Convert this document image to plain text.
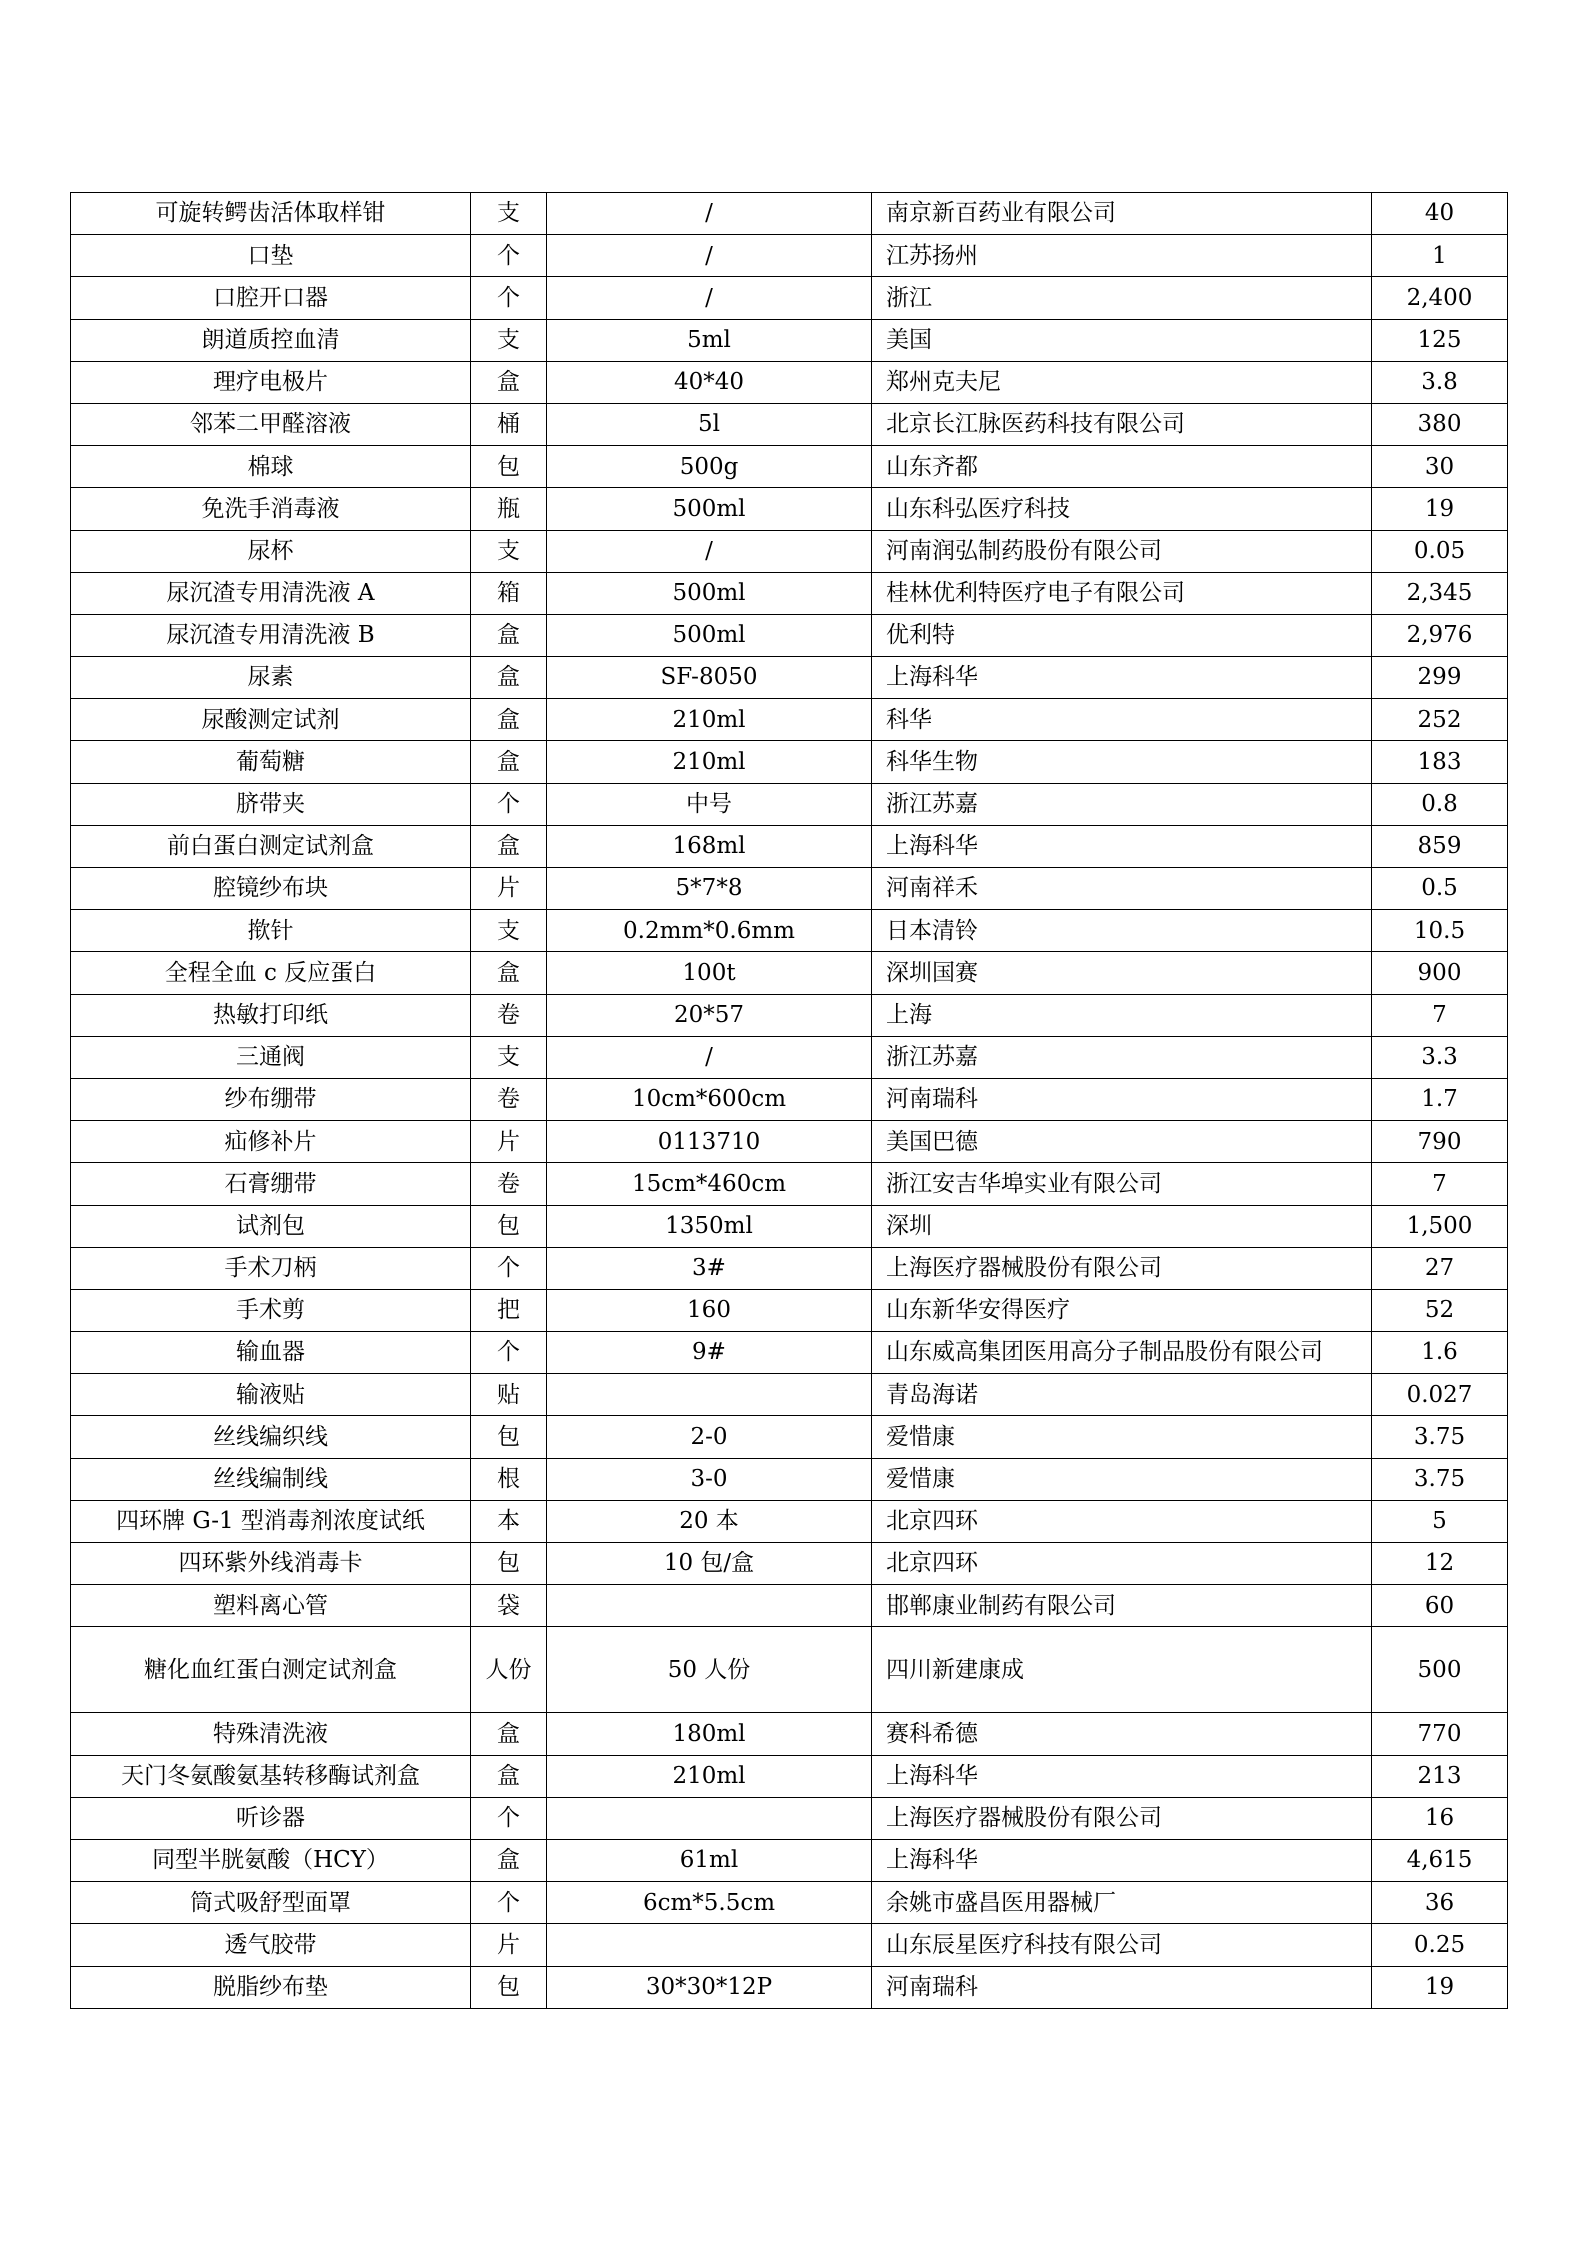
可旋转鳄齿活体取样钳	支	/	南京新百药业有限公司	40
口垫	个	/	江苏扬州	1
口腔开口器	个	/	浙江	2,400
朗道质控血清	支	5ml	美国	125
理疗电极片	盒	40*40	郑州克夫尼	3.8
邻苯二甲醛溶液	桶	5l	北京长江脉医药科技有限公司	380
棉球	包	500g	山东齐都	30
免洗手消毒液	瓶	500ml	山东科弘医疗科技	19
尿杯	支	/	河南润弘制药股份有限公司	0.05
尿沉渣专用清洗液 A	箱	500ml	桂林优利特医疗电子有限公司	2,345
尿沉渣专用清洗液 B	盒	500ml	优利特	2,976
尿素	盒	SF-8050	上海科华	299
尿酸测定试剂	盒	210ml	科华	252
葡萄糖	盒	210ml	科华生物	183
脐带夹	个	中号	浙江苏嘉	0.8
前白蛋白测定试剂盒	盒	168ml	上海科华	859
腔镜纱布块	片	5*7*8	河南祥禾	0.5
揿针	支	0.2mm*0.6mm	日本清铃	10.5
全程全血 c 反应蛋白	盒	100t	深圳国赛	900
热敏打印纸	卷	20*57	上海	7
三通阀	支	/	浙江苏嘉	3.3
纱布绷带	卷	10cm*600cm	河南瑞科	1.7
疝修补片	片	0113710	美国巴德	790
石膏绷带	卷	15cm*460cm	浙江安吉华埠实业有限公司	7
试剂包	包	1350ml	深圳	1,500
手术刀柄	个	3#	上海医疗器械股份有限公司	27
手术剪	把	160	山东新华安得医疗	52
输血器	个	9#	山东威高集团医用高分子制品股份有限公司	1.6
输液贴	贴		青岛海诺	0.027
丝线编织线	包	2-0	爱惜康	3.75
丝线编制线	根	3-0	爱惜康	3.75
四环牌 G-1 型消毒剂浓度试纸	本	20 本	北京四环	5
四环紫外线消毒卡	包	10 包/盒	北京四环	12
塑料离心管	袋		邯郸康业制药有限公司	60
糖化血红蛋白测定试剂盒	人份	50 人份	四川新建康成	500
特殊清洗液	盒	180ml	赛科希德	770
天门冬氨酸氨基转移酶试剂盒	盒	210ml	上海科华	213
听诊器	个		上海医疗器械股份有限公司	16
同型半胱氨酸（HCY）	盒	61ml	上海科华	4,615
筒式吸舒型面罩	个	6cm*5.5cm	余姚市盛昌医用器械厂	36
透气胶带	片		山东辰星医疗科技有限公司	0.25
脱脂纱布垫	包	30*30*12P	河南瑞科	19
